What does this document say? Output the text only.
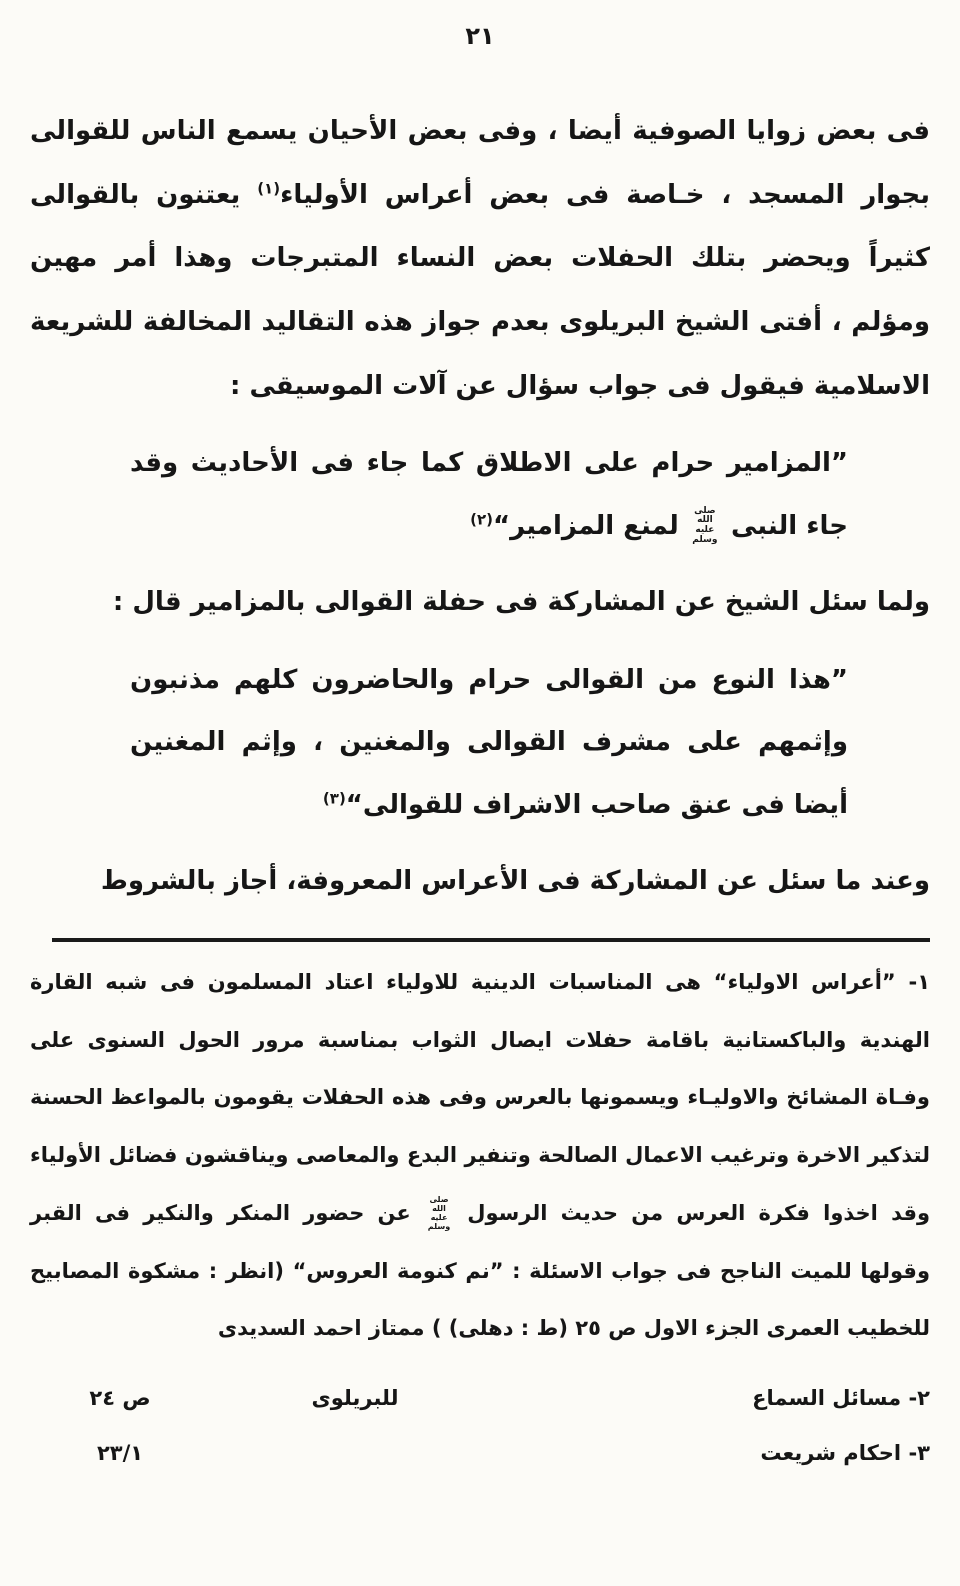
٢١

فى بعض زوايا الصوفية أيضا ، وفى بعض الأحيان يسمع الناس للقوالى بجوار المسجد ، خـاصة فى بعض أعراس الأولياء$^{(١)}$ يعتنون بالقوالى كثيراً ويحضر بتلك الحفلات بعض النساء المتبرجات وهذا أمر مهين ومؤلم ، أفتى الشيخ البريلوى بعدم جواز هذه التقاليد المخالفة للشريعة الاسلامية فيقول فى جواب سؤال عن آلات الموسيقى :

”المزامير حرام على الاطلاق كما جاء فى الأحاديث وقد جاء النبى صلى الله عليه وسلم لمنع المزامير“$^{(٢)}$

ولما سئل الشيخ عن المشاركة فى حفلة القوالى بالمزامير قال :

”هذا النوع من القوالى حرام والحاضرون كلهم مذنبون وإثمهم على مشرف القوالى والمغنين ، وإثم المغنين أيضا فى عنق صاحب الاشراف للقوالى“$^{(٣)}$

وعند ما سئل عن المشاركة فى الأعراس المعروفة، أجاز بالشروط

١- ”أعراس الاولياء“ هى المناسبات الدينية للاولياء اعتاد المسلمون فى شبه القارة الهندية والباكستانية باقامة حفلات ايصال الثواب بمناسبة مرور الحول السنوى على وفـاة المشائخ والاوليـاء ويسمونها بالعرس وفى هذه الحفلات يقومون بالمواعظ الحسنة لتذكير الاخرة وترغيب الاعمال الصالحة وتنفير البدع والمعاصى ويناقشون فضائل الأولياء وقد اخذوا فكرة العرس من حديث الرسول صلى الله عليه وسلم عن حضور المنكر والنكير فى القبر وقولها للميت الناجح فى جواب الاسئلة : ”نم كنومة العروس“ (انظر : مشكوة المصابيح للخطيب العمرى الجزء الاول ص ٢٥ (ط : دهلى) ) ممتاز احمد السديدى

٢- مسائل السماع
للبريلوى
ص ٢٤
٣- احكام شريعت
٢٣/١
